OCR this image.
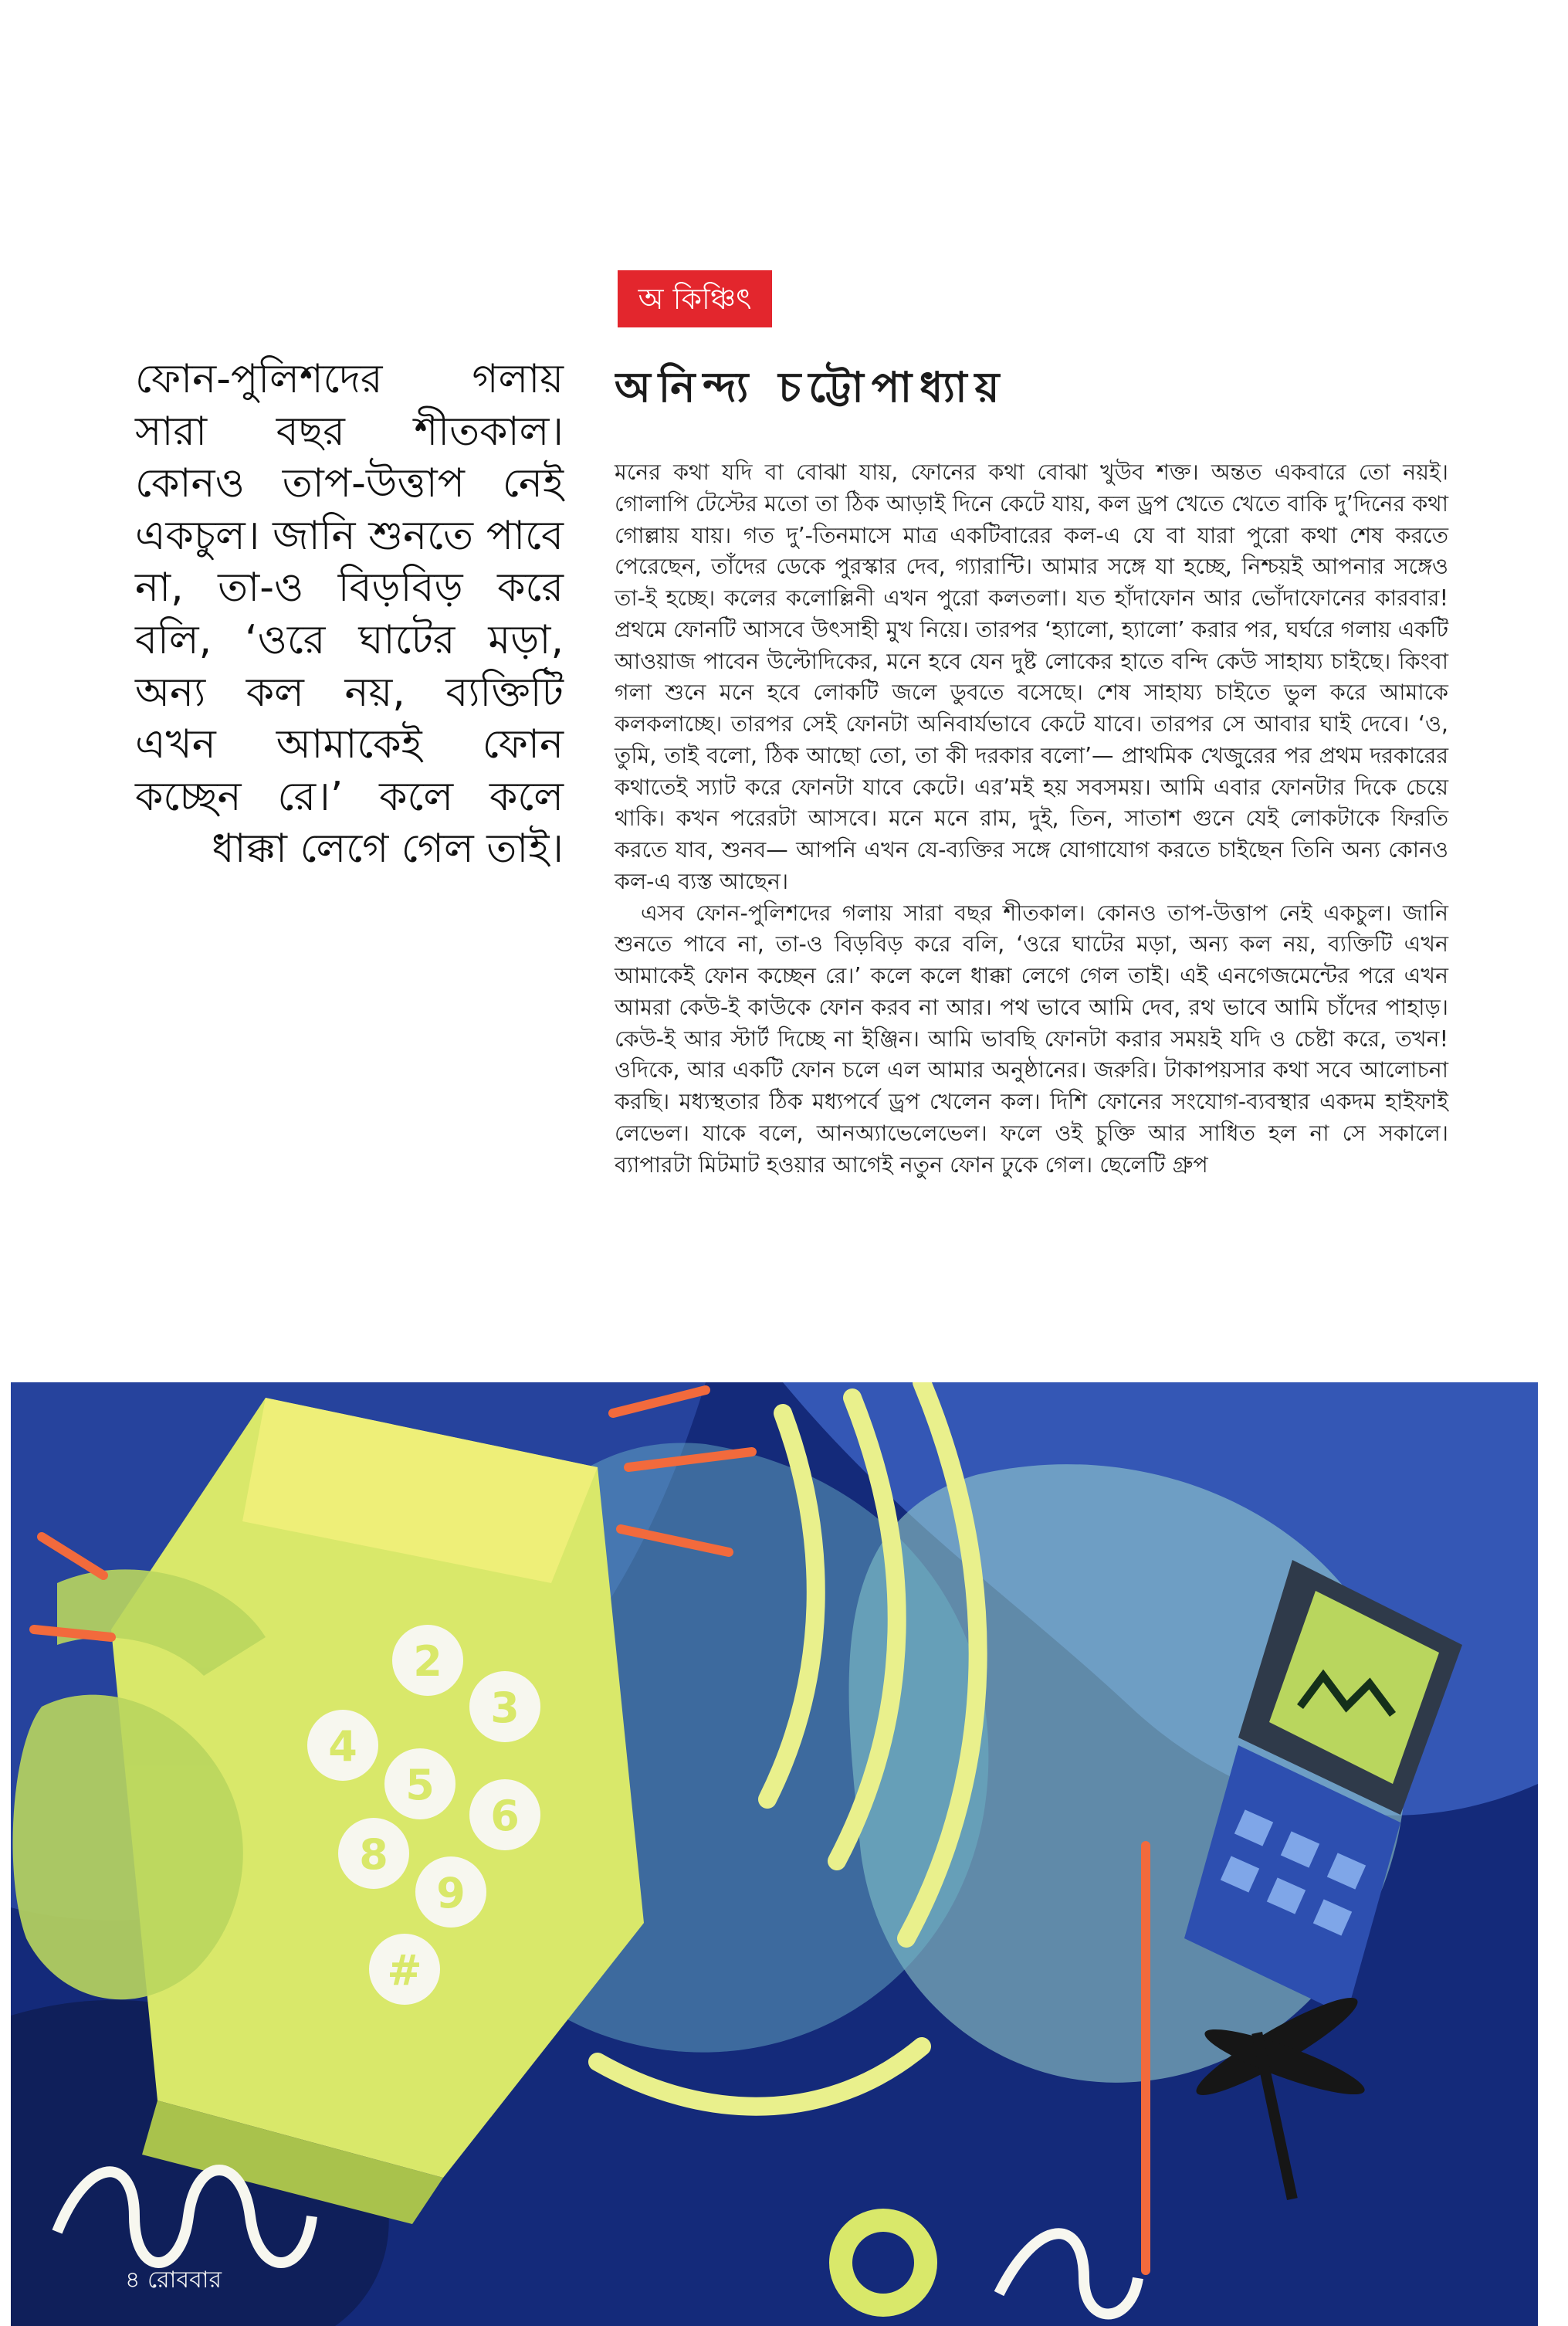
অ কিঞ্চিৎ
অনিন্দ্য চট্টোপাধ্যায়

ফোন-পুলিশদের গলায় সারা বছর শীতকাল। কোনও তাপ-উত্তাপ নেই একচুল। জানি শুনতে পাবে না, তা-ও বিড়বিড় করে বলি, ‘ওরে ঘাটের মড়া, অন্য কল নয়, ব্যক্তিটি এখন আমাকেই ফোন কচ্ছেন রে।’ কলে কলে ধাক্কা লেগে গেল তাই।

মনের কথা যদি বা বোঝা যায়, ফোনের কথা বোঝা খুউব শক্ত। অন্তত একবারে তো নয়ই। গোলাপি টেস্টের মতো তা ঠিক আড়াই দিনে কেটে যায়, কল ড্রপ খেতে খেতে বাকি দু’দিনের কথা গোল্লায় যায়। গত দু’-তিনমাসে মাত্র একটিবারের কল-এ যে বা যারা পুরো কথা শেষ করতে পেরেছেন, তাঁদের ডেকে পুরস্কার দেব, গ্যারান্টি। আমার সঙ্গে যা হচ্ছে, নিশ্চয়ই আপনার সঙ্গেও তা-ই হচ্ছে। কলের কলোল্লিনী এখন পুরো কলতলা। যত হাঁদাফোন আর ভোঁদাফোনের কারবার! প্রথমে ফোনটি আসবে উৎসাহী মুখ নিয়ে। তারপর ‘হ্যালো, হ্যালো’ করার পর, ঘর্ঘরে গলায় একটি আওয়াজ পাবেন উল্টোদিকের, মনে হবে যেন দুষ্ট লোকের হাতে বন্দি কেউ সাহায্য চাইছে। কিংবা গলা শুনে মনে হবে লোকটি জলে ডুবতে বসেছে। শেষ সাহায্য চাইতে ভুল করে আমাকে কলকলাচ্ছে। তারপর সেই ফোনটা অনিবার্যভাবে কেটে যাবে। তারপর সে আবার ঘাই দেবে। ‘ও, তুমি, তাই বলো, ঠিক আছো তো, তা কী দরকার বলো’— প্রাথমিক খেজুরের পর প্রথম দরকারের কথাতেই স্যাট করে ফোনটা যাবে কেটে। এর’মই হয় সবসময়। আমি এবার ফোনটার দিকে চেয়ে থাকি। কখন পরেরটা আসবে। মনে মনে রাম, দুই, তিন, সাতাশ গুনে যেই লোকটাকে ফিরতি করতে যাব, শুনব— আপনি এখন যে-ব্যক্তির সঙ্গে যোগাযোগ করতে চাইছেন তিনি অন্য কোনও কল-এ ব্যস্ত আছেন।

এসব ফোন-পুলিশদের গলায় সারা বছর শীতকাল। কোনও তাপ-উত্তাপ নেই একচুল। জানি শুনতে পাবে না, তা-ও বিড়বিড় করে বলি, ‘ওরে ঘাটের মড়া, অন্য কল নয়, ব্যক্তিটি এখন আমাকেই ফোন কচ্ছেন রে।’ কলে কলে ধাক্কা লেগে গেল তাই। এই এনগেজমেন্টের পরে এখন আমরা কেউ-ই কাউকে ফোন করব না আর। পথ ভাবে আমি দেব, রথ ভাবে আমি চাঁদের পাহাড়। কেউ-ই আর স্টার্ট দিচ্ছে না ইঞ্জিন। আমি ভাবছি ফোনটা করার সময়ই যদি ও চেষ্টা করে, তখন! ওদিকে, আর একটি ফোন চলে এল আমার অনুষ্ঠানের। জরুরি। টাকাপয়সার কথা সবে আলোচনা করছি। মধ্যস্থতার ঠিক মধ্যপর্বে ড্রপ খেলেন কল। দিশি ফোনের সংযোগ-ব্যবস্থার একদম হাইফাই লেভেল। যাকে বলে, আনঅ্যাভেলেভেল। ফলে ওই চুক্তি আর সাধিত হল না সে সকালে। ব্যাপারটা মিটমাট হওয়ার আগেই নতুন ফোন ঢুকে গেল। ছেলেটি গ্রুপ

2
3
4
5
6
8
9
#
৪ রোববার
